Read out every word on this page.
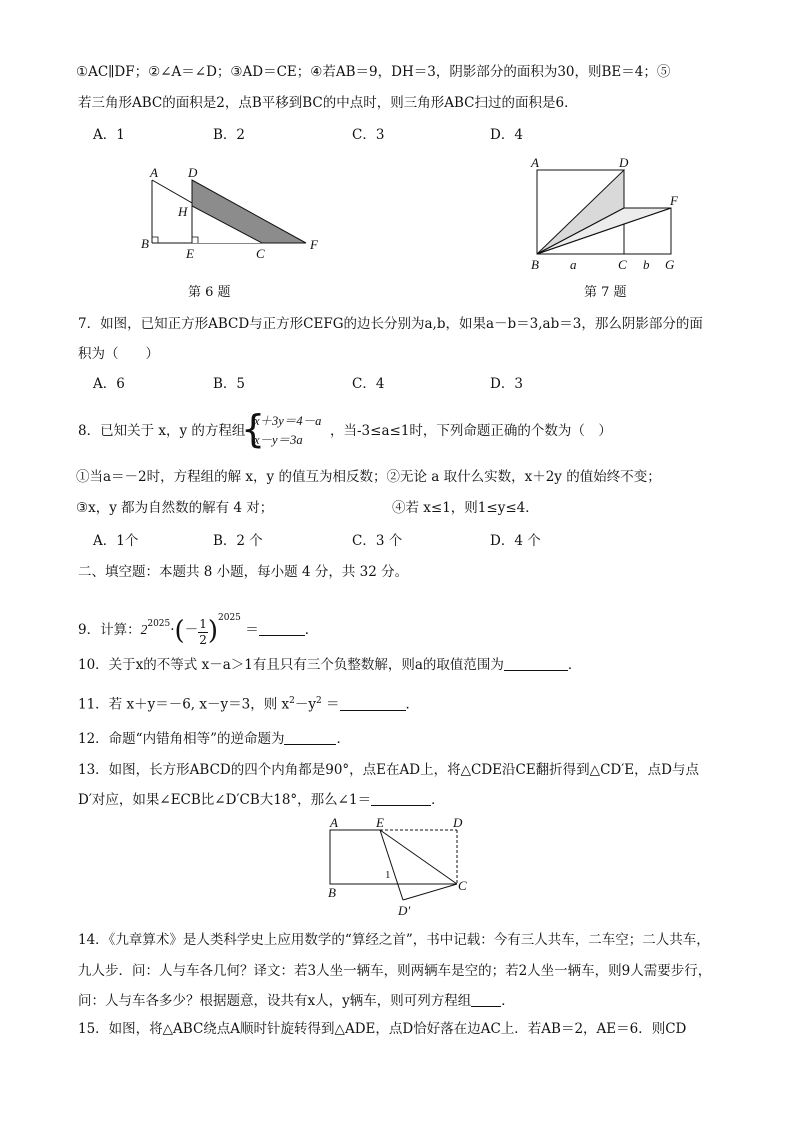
①AC∥DF；②∠A＝∠D；③AD＝CE；④若AB＝9，DH＝3，阴影部分的面积为30，则BE＝4；⑤
若三角形ABC的面积是2，点B平移到BC的中点时，则三角形ABC扫过的面积是6．
A．1	B．2	C．3	D．4
A D
H
B
E	C
F
第 6 题
A	D
F
B a	C b G
第 7 题
7．如图，已知正方形ABCD与正方形CEFG的边长分别为a,b，如果a－b＝3,ab＝3，那么阴影部分的面
积为（　　）
A．6	B．5	C．4	D．3
8．已知关于 x，y 的方程组
{
x＋3y＝4－a
x－y＝3a
，当-3≤a≤1时，下列命题正确的个数为（　）
①当a＝－2时，方程组的解 x，y 的值互为相反数；②无论 a 取什么实数，x＋2y 的值始终不变；
③x，y 都为自然数的解有 4 对；	④若 x≤1，则1≤y≤4．
A．1个	B．2 个	C．3 个	D．4 个
二、填空题：本题共 8 小题，每小题 4 分，共 32 分。
9．计算：$2^{2025}\cdot(- \frac{1}{2} )^{2025}$ ＝	．
10．关于x的不等式 x－a＞1有且只有三个负整数解，则a的取值范围为	．
11．若 x＋y＝－6, x－y＝3，则 $x^2-y^2$ ＝	．
12．命题“内错角相等”的逆命题为	．
13．如图，长方形ABCD的四个内角都是90°，点E在AD上，将△CDE沿CE翻折得到△CD′E，点D与点
D′对应，如果∠ECB比∠D′CB大18°，那么∠1＝	．
A	E	D
B	C
D′
1
14．《九章算术》是人类科学史上应用数学的“算经之首”，书中记载：今有三人共车，二车空；二人共车，
九人步．问：人与车各几何？译文：若3人坐一辆车，则两辆车是空的；若2人坐一辆车，则9人需要步行，
问：人与车各多少？根据题意，设共有x人，y辆车，则可列方程组 ．
15．如图，将△ABC绕点A顺时针旋转得到△ADE，点D恰好落在边AC上．若AB＝2，AE＝6．则CD
